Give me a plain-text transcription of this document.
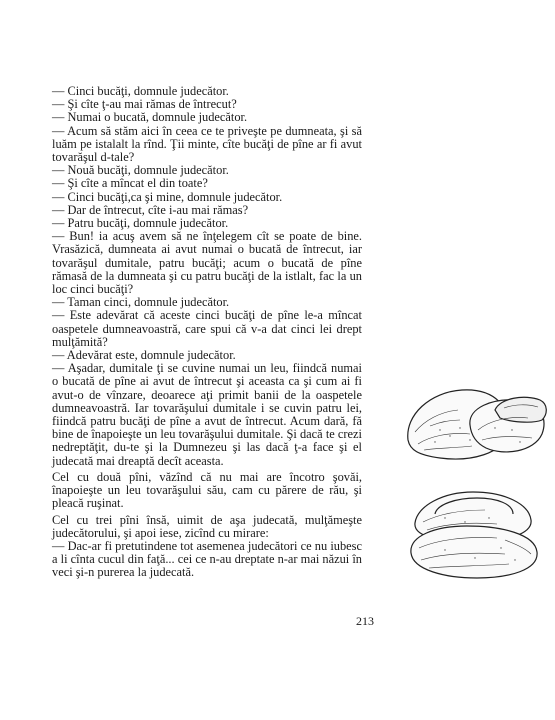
— Cinci bucăţi, domnule judecător.

— Şi cîte ţ-au mai rămas de întrecut?

— Numai o bucată, domnule judecător.

— Acum să stăm aici în ceea ce te priveşte pe dumneata, şi să luăm pe istalalt la rînd. Ţii minte, cîte bucăţi de pîne ar fi avut tovarăşul d-tale?

— Nouă bucăţi, domnule judecător.

— Şi cîte a mîncat el din toate?

— Cinci bucăţi,ca şi mine, domnule judecător.

— Dar de întrecut, cîte i-au mai rămas?

— Patru bucăţi, domnule judecător.

— Bun! ia acuş avem să ne înţelegem cît se poate de bine. Vrasăzică, dumneata ai avut numai o bucată de întrecut, iar tovarăşul dumitale, patru bucăţi; acum o bucată de pîne rămasă de la dumneata şi cu patru bucăţi de la istlalt, fac la un loc cinci bucăţi?

— Taman cinci, domnule judecător.

— Este adevărat că aceste cinci bucăţi de pîne le-a mîncat oaspetele dumneavoastră, care spui că v-a dat cinci lei drept mulţămită?

— Adevărat este, domnule judecător.

— Aşadar, dumitale ţi se cuvine numai un leu, fiindcă numai o bucată de pîne ai avut de întrecut şi aceasta ca şi cum ai fi avut-o de vînzare, deoarece aţi primit banii de la oaspetele dumneavoastră. Iar tovarăşului dumitale i se cuvin patru lei, fiindcă patru bucăţi de pîne a avut de întrecut. Acum dară, fă bine de înapoieşte un leu tovarăşului dumitale. Şi dacă te crezi nedreptăţit, du-te şi la Dumnezeu şi las dacă ţ-a face şi el judecată mai dreaptă decît aceasta.

Cel cu două pîni, văzînd că nu mai are încotro şovăi, înapoieşte un leu tovarăşului său, cam cu părere de rău, şi pleacă ruşinat.

Cel cu trei pîni însă, uimit de aşa judecată, mulţămeşte judecătorului, şi apoi iese, zicînd cu mirare:

— Dac-ar fi pretutindene tot asemenea judecători ce nu iubesc a li cînta cucul din faţă... cei ce n-au dreptate n-ar mai năzui în veci şi-n purerea la judecată.

213
